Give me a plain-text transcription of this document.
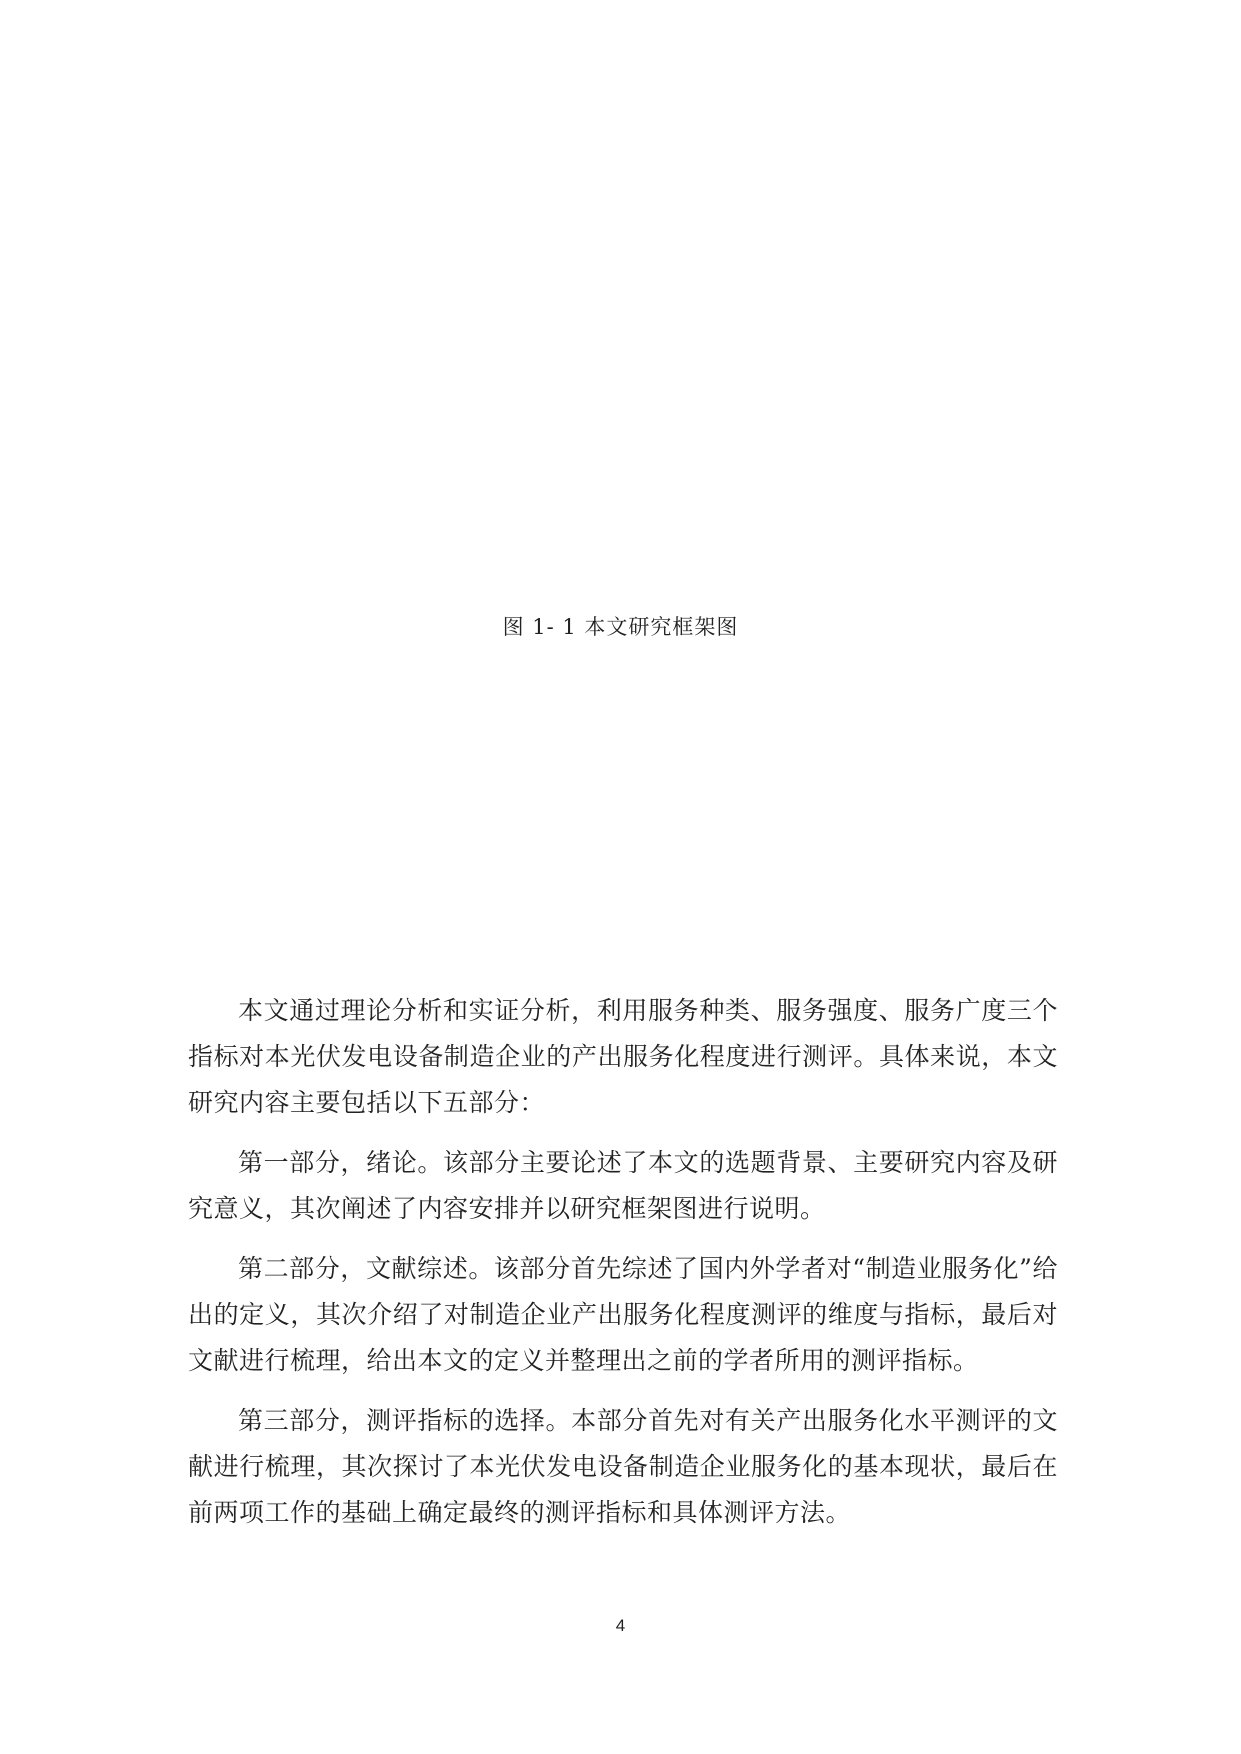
图 1- 1 本文研究框架图

本文通过理论分析和实证分析，利用服务种类、服务强度、服务广度三个指标对本光伏发电设备制造企业的产出服务化程度进行测评。具体来说，本文研究内容主要包括以下五部分：

第一部分，绪论。该部分主要论述了本文的选题背景、主要研究内容及研究意义，其次阐述了内容安排并以研究框架图进行说明。

第二部分，文献综述。该部分首先综述了国内外学者对“制造业服务化”给出的定义，其次介绍了对制造企业产出服务化程度测评的维度与指标，最后对文献进行梳理，给出本文的定义并整理出之前的学者所用的测评指标。

第三部分，测评指标的选择。本部分首先对有关产出服务化水平测评的文献进行梳理，其次探讨了本光伏发电设备制造企业服务化的基本现状，最后在前两项工作的基础上确定最终的测评指标和具体测评方法。

4
